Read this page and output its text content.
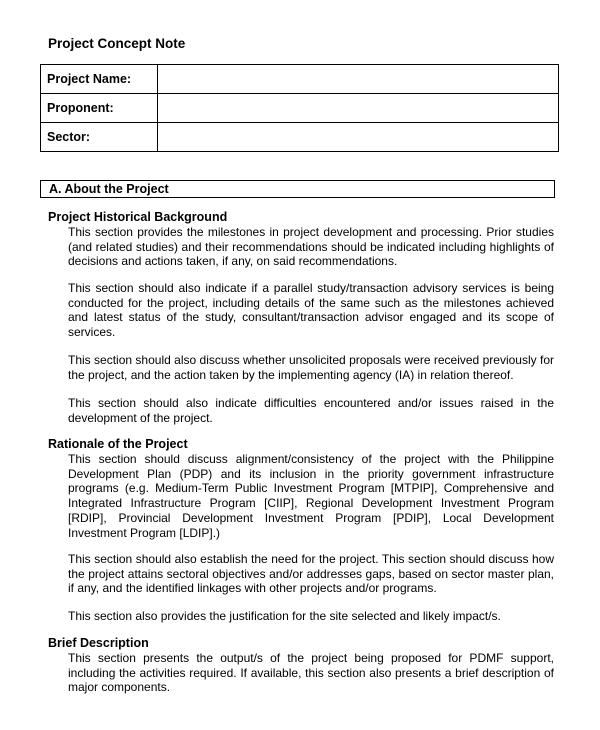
Project Concept Note
Project Name:	
Proponent:	
Sector:	
A. About the Project
Project Historical Background

This section provides the milestones in project development and processing. Prior studies (and related studies) and their recommendations should be indicated including highlights of decisions and actions taken, if any, on said recommendations.

This section should also indicate if a parallel study/transaction advisory services is being conducted for the project, including details of the same such as the milestones achieved and latest status of the study, consultant/transaction advisor engaged and its scope of services.

This section should also discuss whether unsolicited proposals were received previously for the project, and the action taken by the implementing agency (IA) in relation thereof.

This section should also indicate difficulties encountered and/or issues raised in the development of the project.

Rationale of the Project

This section should discuss alignment/consistency of the project with the Philippine Development Plan (PDP) and its inclusion in the priority government infrastructure programs (e.g. Medium-Term Public Investment Program [MTPIP], Comprehensive and Integrated Infrastructure Program [CIIP], Regional Development Investment Program [RDIP], Provincial Development Investment Program [PDIP], Local Development Investment Program [LDIP].)

This section should also establish the need for the project. This section should discuss how the project attains sectoral objectives and/or addresses gaps, based on sector master plan, if any, and the identified linkages with other projects and/or programs.

This section also provides the justification for the site selected and likely impact/s.

Brief Description

This section presents the output/s of the project being proposed for PDMF support, including the activities required. If available, this section also presents a brief description of major components.
